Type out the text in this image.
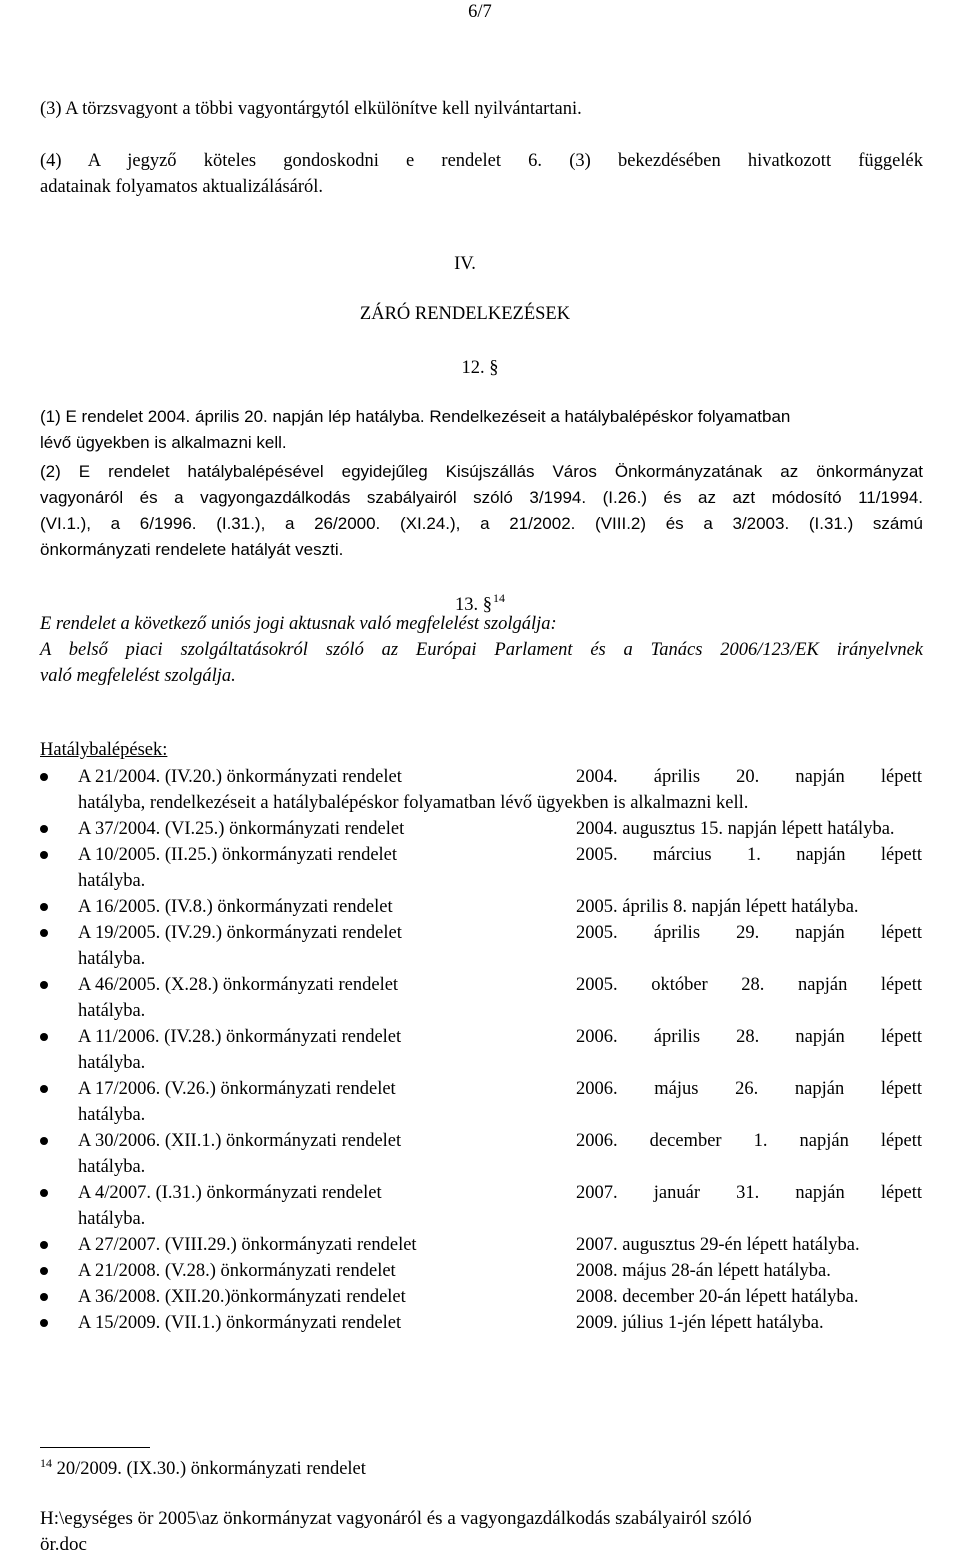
6/7
(3) A törzsvagyont a többi vagyontárgytól elkülönítve kell nyilvántartani.
(4) A jegyző köteles gondoskodni e rendelet 6. (3) bekezdésében hivatkozott függelék
adatainak folyamatos aktualizálásáról.
IV.
ZÁRÓ RENDELKEZÉSEK
12. §
(1) E rendelet 2004. április 20. napján lép hatályba. Rendelkezéseit a hatálybalépéskor folyamatban
lévő ügyekben is alkalmazni kell.
(2) E rendelet hatálybalépésével egyidejűleg Kisújszállás Város Önkormányzatának az önkormányzat
vagyonáról és a vagyongazdálkodás szabályairól szóló 3/1994. (I.26.) és az azt módosító 11/1994.
(VI.1.), a 6/1996. (I.31.), a 26/2000. (XI.24.), a 21/2002. (VIII.2) és a 3/2003. (I.31.) számú
önkormányzati rendelete hatályát veszti.
13. §$^{14}$
E rendelet a következő uniós jogi aktusnak való megfelelést szolgálja:
A belső piaci szolgáltatásokról szóló az Európai Parlament és a Tanács 2006/123/EK irányelvnek
való megfelelést szolgálja.
Hatálybalépések:
A 21/2004. (IV.20.) önkormányzati rendelet	2004. április 20. napján lépett
hatályba, rendelkezéseit a hatálybalépéskor folyamatban lévő ügyekben is alkalmazni kell.
A 37/2004. (VI.25.) önkormányzati rendelet	2004. augusztus 15. napján lépett hatályba.
A 10/2005. (II.25.) önkormányzati rendelet	2005. március 1. napján lépett
hatályba.
A 16/2005. (IV.8.) önkormányzati rendelet	2005. április 8. napján lépett hatályba.
A 19/2005. (IV.29.) önkormányzati rendelet	2005. április 29. napján lépett
hatályba.
A 46/2005. (X.28.) önkormányzati rendelet	2005. október 28. napján lépett
hatályba.
A 11/2006. (IV.28.) önkormányzati rendelet	2006. április 28. napján lépett
hatályba.
A 17/2006. (V.26.) önkormányzati rendelet	2006. május 26. napján lépett
hatályba.
A 30/2006. (XII.1.) önkormányzati rendelet	2006. december 1. napján lépett
hatályba.
A 4/2007. (I.31.) önkormányzati rendelet	2007. január 31. napján lépett
hatályba.
A 27/2007. (VIII.29.) önkormányzati rendelet	2007. augusztus 29-én lépett hatályba.
A 21/2008. (V.28.) önkormányzati rendelet	2008. május 28-án lépett hatályba.
A 36/2008. (XII.20.)önkormányzati rendelet	2008. december 20-án lépett hatályba.
A 15/2009. (VII.1.) önkormányzati rendelet	2009. július 1-jén lépett hatályba.
$^{14}$ 20/2009. (IX.30.) önkormányzati rendelet
H:\egységes ör 2005\az önkormányzat vagyonáról és a vagyongazdálkodás szabályairól szóló
ör.doc
